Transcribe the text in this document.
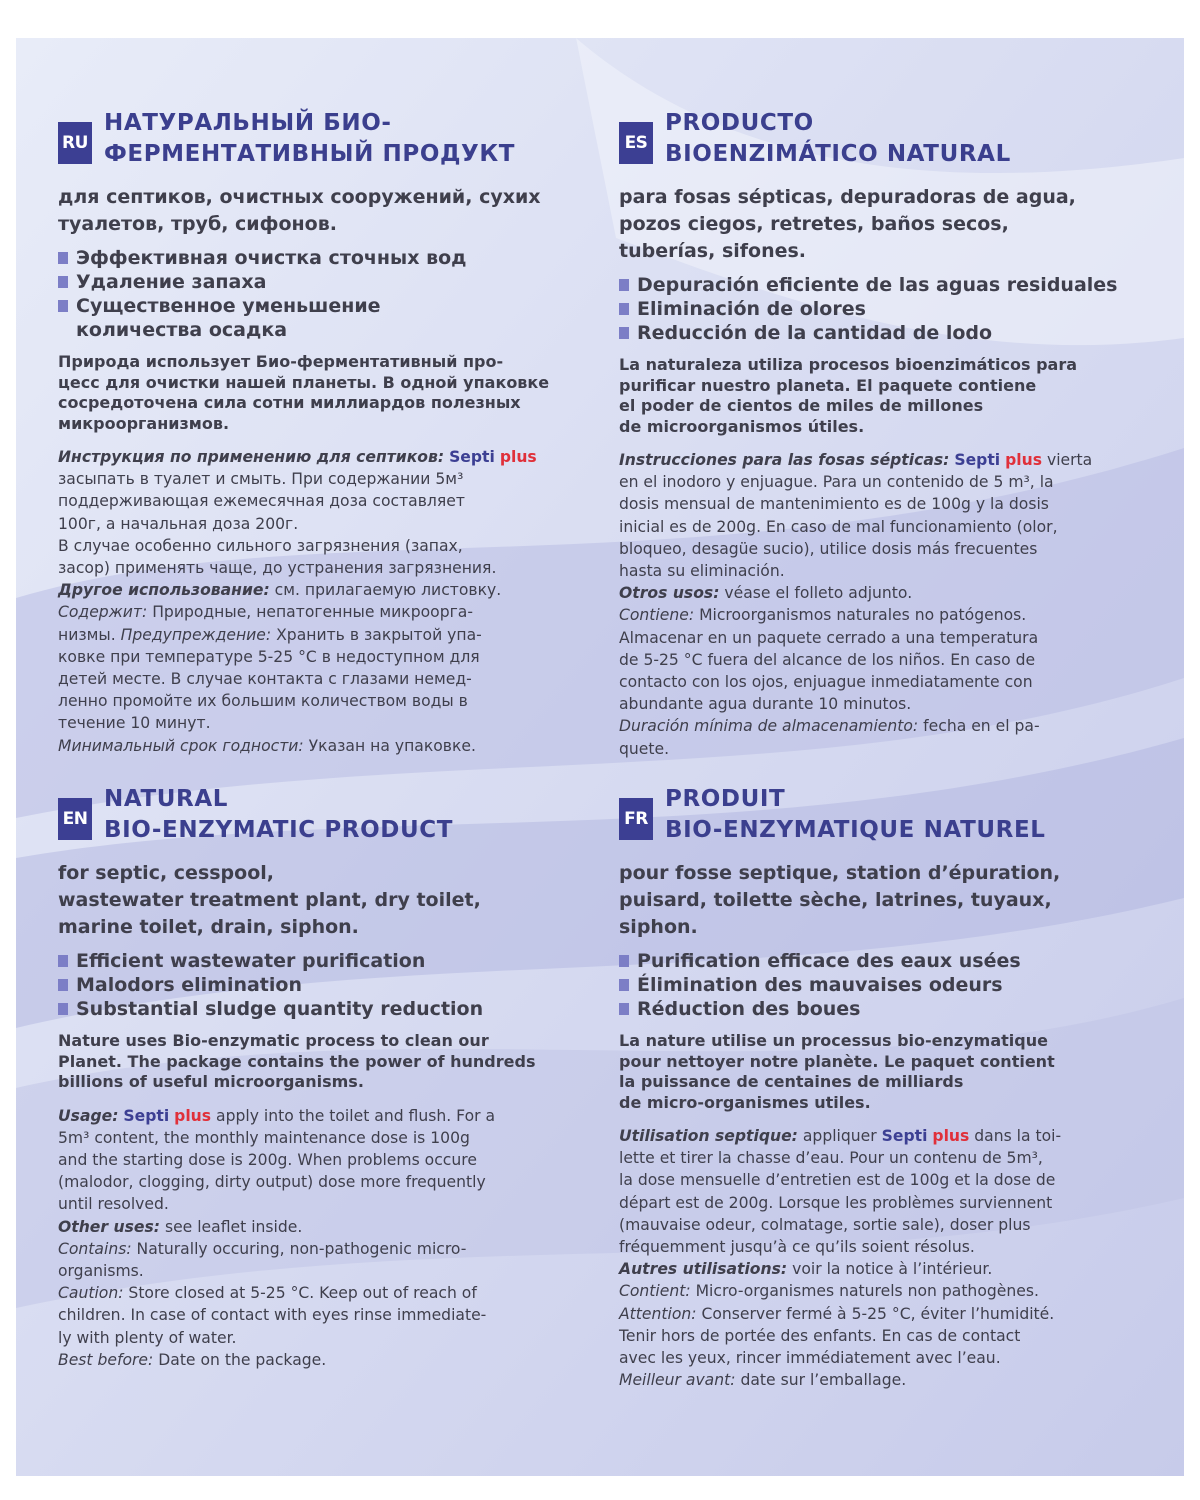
RU
НАТУРАЛЬНЫЙ БИО-
ФЕРМЕНТАТИВНЫЙ ПРОДУКТ
для септиков, очистных сооружений, сухих
туалетов, труб, сифонов.
Эффективная очистка сточных вод
Удаление запаха
Существенное уменьшение
количества осадка
Природа использует Био-ферментативный про-
цесс для очистки нашей планеты. В одной упаковке
сосредоточена сила сотни миллиардов полезных
микроорганизмов.
Инструкция по применению для септиков: Septi plus
засыпать в туалет и смыть. При содержании 5м³
поддерживающая ежемесячная доза составляет
100г, а начальная доза 200г.
В случае особенно сильного загрязнения (запах,
засор) применять чаще, до устранения загрязнения.
Другое использование: см. прилагаемую листовку.
Содержит: Природные, непатогенные микроорга-
низмы. Предупреждение: Хранить в закрытой упа-
ковке при температуре 5-25 °С в недоступном для
детей месте. В случае контакта с глазами немед-
ленно промойте их большим количеством воды в
течение 10 минут.
Минимальный срок годности: Указан на упаковке.
ES
PRODUCTO
BIOENZIMÁTICO NATURAL
para fosas sépticas, depuradoras de agua,
pozos ciegos, retretes, baños secos,
tuberías, sifones.
Depuración eficiente de las aguas residuales
Eliminación de olores
Reducción de la cantidad de lodo
La naturaleza utiliza procesos bioenzimáticos para
purificar nuestro planeta. El paquete contiene
el poder de cientos de miles de millones
de microorganismos útiles.
Instrucciones para las fosas sépticas: Septi plus vierta
en el inodoro y enjuague. Para un contenido de 5 m³, la
dosis mensual de mantenimiento es de 100g y la dosis
inicial es de 200g. En caso de mal funcionamiento (olor,
bloqueo, desagüe sucio), utilice dosis más frecuentes
hasta su eliminación.
Otros usos: véase el folleto adjunto.
Contiene: Microorganismos naturales no patógenos.
Almacenar en un paquete cerrado a una temperatura
de 5-25 °C fuera del alcance de los niños. En caso de
contacto con los ojos, enjuague inmediatamente con
abundante agua durante 10 minutos.
Duración mínima de almacenamiento: fecha en el pa-
quete.
EN
NATURAL
BIO-ENZYMATIC PRODUCT
for septic, cesspool,
wastewater treatment plant, dry toilet,
marine toilet, drain, siphon.
Efficient wastewater purification
Malodors elimination
Substantial sludge quantity reduction
Nature uses Bio-enzymatic process to clean our
Planet. The package contains the power of hundreds
billions of useful microorganisms.
Usage: Septi plus apply into the toilet and flush. For a
5m³ content, the monthly maintenance dose is 100g
and the starting dose is 200g. When problems occure
(malodor, clogging, dirty output) dose more frequently
until resolved.
Other uses: see leaflet inside.
Contains: Naturally occuring, non-pathogenic micro-
organisms.
Caution: Store closed at 5-25 °C. Keep out of reach of
children. In case of contact with eyes rinse immediate-
ly with plenty of water.
Best before: Date on the package.
FR
PRODUIT
BIO-ENZYMATIQUE NATUREL
pour fosse septique, station d’épuration,
puisard, toilette sèche, latrines, tuyaux,
siphon.
Purification efficace des eaux usées
Élimination des mauvaises odeurs
Réduction des boues
La nature utilise un processus bio-enzymatique
pour nettoyer notre planète. Le paquet contient
la puissance de centaines de milliards
de micro-organismes utiles.
Utilisation septique: appliquer Septi plus dans la toi-
lette et tirer la chasse d’eau. Pour un contenu de 5m³,
la dose mensuelle d’entretien est de 100g et la dose de
départ est de 200g. Lorsque les problèmes surviennent
(mauvaise odeur, colmatage, sortie sale), doser plus
fréquemment jusqu’à ce qu’ils soient résolus.
Autres utilisations: voir la notice à l’intérieur.
Contient: Micro-organismes naturels non pathogènes.
Attention: Conserver fermé à 5-25 °C, éviter l’humidité.
Tenir hors de portée des enfants. En cas de contact
avec les yeux, rincer immédiatement avec l’eau.
Meilleur avant: date sur l’emballage.
